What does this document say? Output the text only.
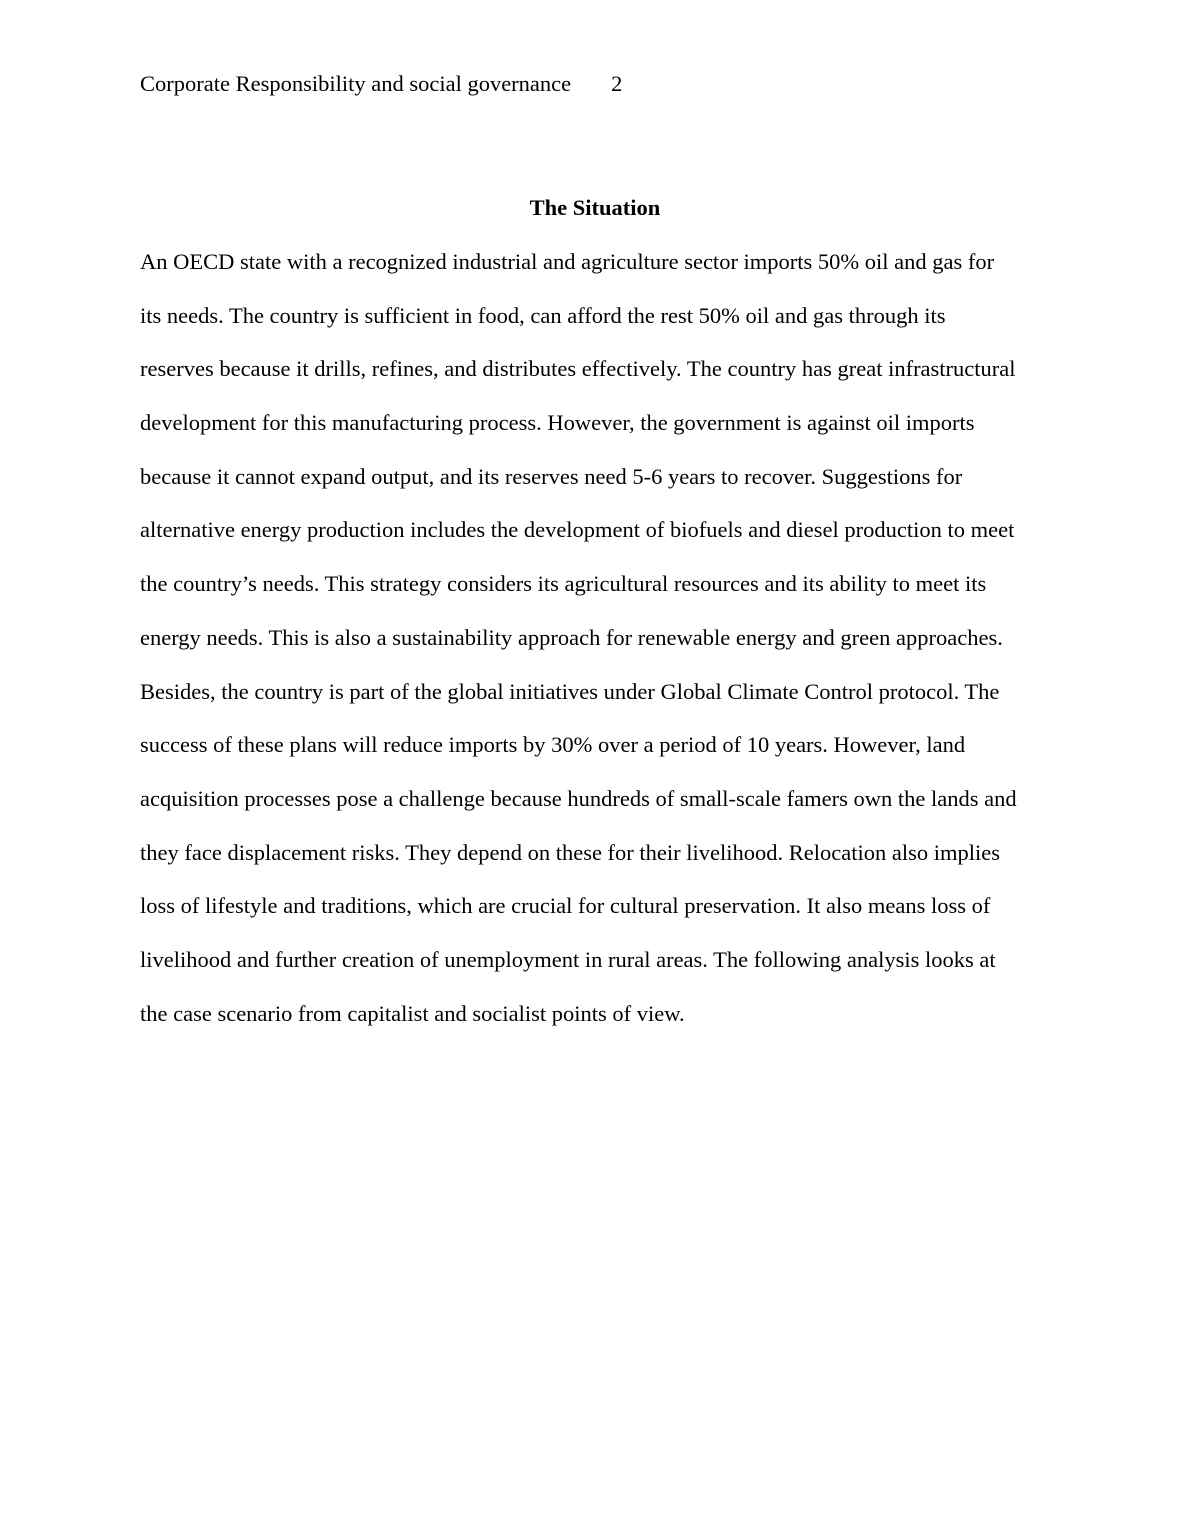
Corporate Responsibility and social governance 2
The Situation
An OECD state with a recognized industrial and agriculture sector imports 50% oil and gas for
its needs. The country is sufficient in food, can afford the rest 50% oil and gas through its
reserves because it drills, refines, and distributes effectively. The country has great infrastructural
development for this manufacturing process. However, the government is against oil imports
because it cannot expand output, and its reserves need 5-6 years to recover. Suggestions for
alternative energy production includes the development of biofuels and diesel production to meet
the country’s needs. This strategy considers its agricultural resources and its ability to meet its
energy needs. This is also a sustainability approach for renewable energy and green approaches.
Besides, the country is part of the global initiatives under Global Climate Control protocol. The
success of these plans will reduce imports by 30% over a period of 10 years. However, land
acquisition processes pose a challenge because hundreds of small-scale famers own the lands and
they face displacement risks. They depend on these for their livelihood. Relocation also implies
loss of lifestyle and traditions, which are crucial for cultural preservation. It also means loss of
livelihood and further creation of unemployment in rural areas. The following analysis looks at
the case scenario from capitalist and socialist points of view.
